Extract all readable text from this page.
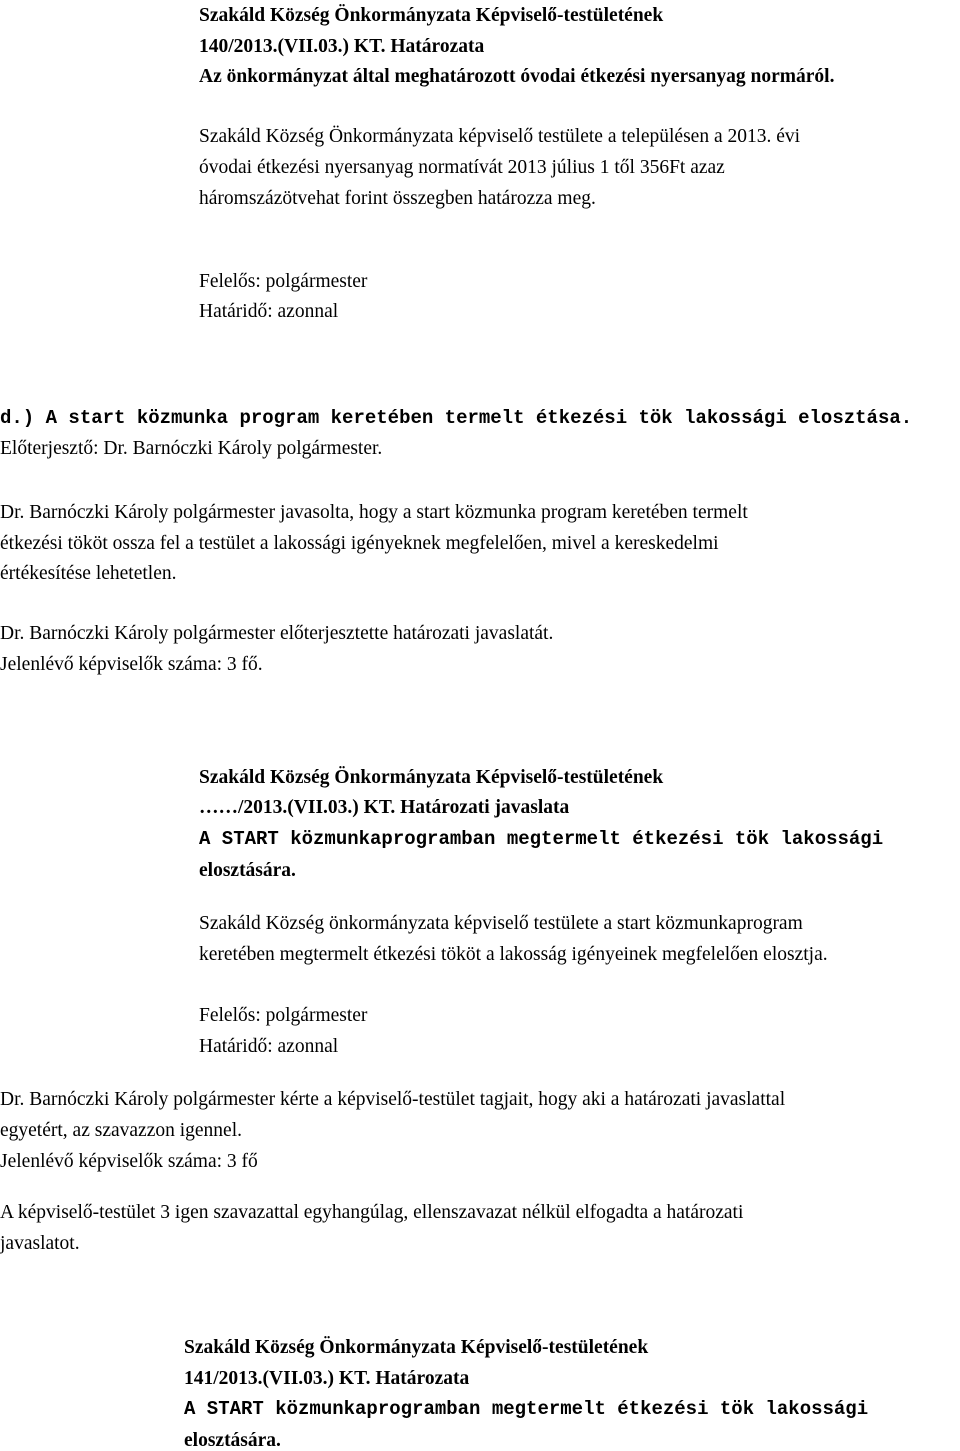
Szakáld Község Önkormányzata Képviselő-testületének
140/2013.(VII.03.) KT. Határozata
Az önkormányzat által meghatározott óvodai étkezési nyersanyag normáról.
Szakáld Község Önkormányzata képviselő testülete a településen a 2013. évi
óvodai étkezési nyersanyag normatívát 2013 július 1 től 356Ft azaz
háromszázötvehat forint összegben határozza meg.
Felelős: polgármester
Határidő: azonnal
d.) A start közmunka program keretében termelt étkezési tök lakossági elosztása.
Előterjesztő: Dr. Barnóczki Károly polgármester.
Dr. Barnóczki Károly polgármester javasolta, hogy a start közmunka program keretében termelt
étkezési tököt ossza fel a testület a lakossági igényeknek megfelelően, mivel a kereskedelmi
értékesítése lehetetlen.
Dr. Barnóczki Károly polgármester előterjesztette határozati javaslatát.
Jelenlévő képviselők száma: 3 fő.
Szakáld Község Önkormányzata Képviselő-testületének
……/2013.(VII.03.) KT. Határozati javaslata
A START közmunkaprogramban megtermelt étkezési tök lakossági
elosztására.
Szakáld Község önkormányzata képviselő testülete a start közmunkaprogram
keretében megtermelt étkezési tököt a lakosság igényeinek megfelelően elosztja.
Felelős: polgármester
Határidő: azonnal
Dr. Barnóczki Károly polgármester kérte a képviselő-testület tagjait, hogy aki a határozati javaslattal
egyetért, az szavazzon igennel.
Jelenlévő képviselők száma: 3 fő
A képviselő-testület 3 igen szavazattal egyhangúlag, ellenszavazat nélkül elfogadta a határozati
javaslatot.
Szakáld Község Önkormányzata Képviselő-testületének
141/2013.(VII.03.) KT. Határozata
A START közmunkaprogramban megtermelt étkezési tök lakossági
elosztására.
